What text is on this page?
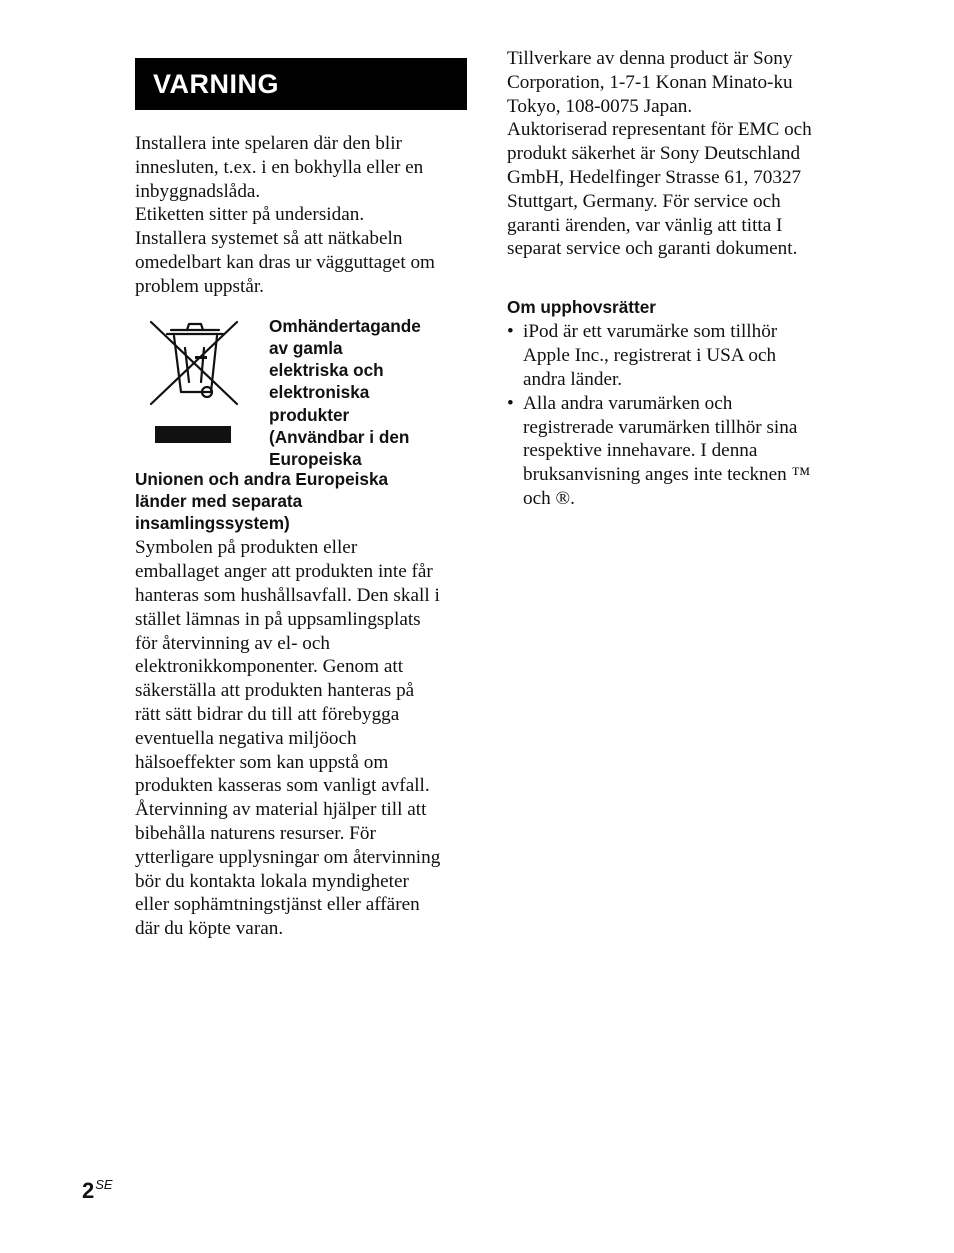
VARNING
Installera inte spelaren där den blir
innesluten, t.ex. i en bokhylla eller en
inbyggnadslåda.
Etiketten sitter på undersidan.
Installera systemet så att nätkabeln
omedelbart kan dras ur vägguttaget om
problem uppstår.
Omhändertagande
av gamla
elektriska och
elektroniska
produkter
(Användbar i den
Europeiska
Unionen och andra Europeiska
länder med separata
insamlingssystem)
Symbolen på produkten eller
emballaget anger att produkten inte får
hanteras som hushållsavfall. Den skall i
stället lämnas in på uppsamlingsplats
för återvinning av el- och
elektronikkomponenter. Genom att
säkerställa att produkten hanteras på
rätt sätt bidrar du till att förebygga
eventuella negativa miljöoch
hälsoeffekter som kan uppstå om
produkten kasseras som vanligt avfall.
Återvinning av material hjälper till att
bibehålla naturens resurser. För
ytterligare upplysningar om återvinning
bör du kontakta lokala myndigheter
eller sophämtningstjänst eller affären
där du köpte varan.
Tillverkare av denna product är Sony
Corporation, 1-7-1 Konan Minato-ku
Tokyo, 108-0075 Japan.
Auktoriserad representant för EMC och
produkt säkerhet är Sony Deutschland
GmbH, Hedelfinger Strasse 61, 70327
Stuttgart, Germany. För service och
garanti ärenden, var vänlig att titta I
separat service och garanti dokument.
Om upphovsrätter
• iPod är ett varumärke som tillhör
Apple Inc., registrerat i USA och
andra länder.
• Alla andra varumärken och
registrerade varumärken tillhör sina
respektive innehavare. I denna
bruksanvisning anges inte tecknen ™
och ®.
$2^{SE}$
